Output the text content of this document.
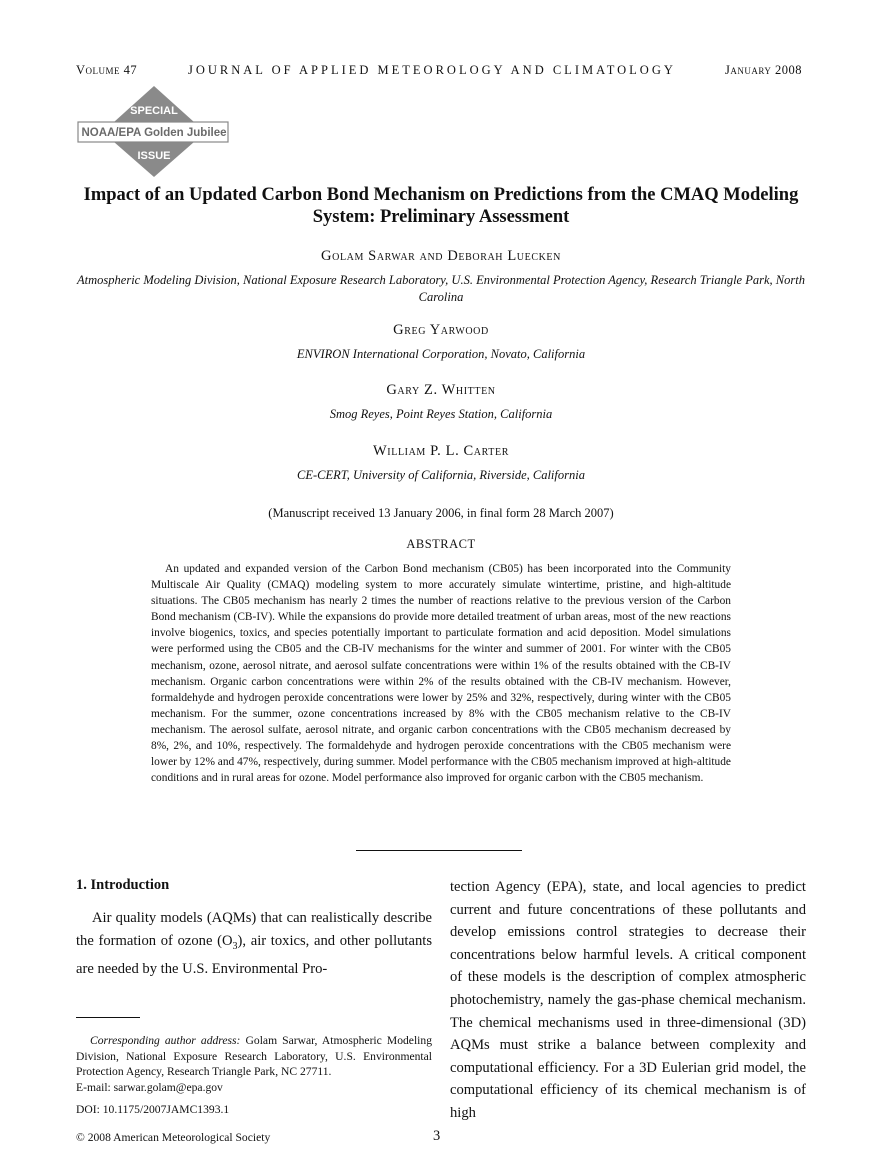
Volume 47	JOURNAL OF APPLIED METEOROLOGY AND CLIMATOLOGY	January 2008
SPECIAL
NOAA/EPA Golden Jubilee
ISSUE
Impact of an Updated Carbon Bond Mechanism on Predictions from the CMAQ Modeling System: Preliminary Assessment
Golam Sarwar and Deborah Luecken
Atmospheric Modeling Division, National Exposure Research Laboratory, U.S. Environmental Protection Agency, Research Triangle Park, North Carolina
Greg Yarwood
ENVIRON International Corporation, Novato, California
Gary Z. Whitten
Smog Reyes, Point Reyes Station, California
William P. L. Carter
CE-CERT, University of California, Riverside, California
(Manuscript received 13 January 2006, in final form 28 March 2007)
ABSTRACT
An updated and expanded version of the Carbon Bond mechanism (CB05) has been incorporated into the Community Multiscale Air Quality (CMAQ) modeling system to more accurately simulate wintertime, pristine, and high-altitude situations. The CB05 mechanism has nearly 2 times the number of reactions relative to the previous version of the Carbon Bond mechanism (CB-IV). While the expansions do provide more detailed treatment of urban areas, most of the new reactions involve biogenics, toxics, and species potentially important to particulate formation and acid deposition. Model simulations were performed using the CB05 and the CB-IV mechanisms for the winter and summer of 2001. For winter with the CB05 mechanism, ozone, aerosol nitrate, and aerosol sulfate concentrations were within 1% of the results obtained with the CB-IV mechanism. Organic carbon concentrations were within 2% of the results obtained with the CB-IV mechanism. However, formaldehyde and hydrogen peroxide concentrations were lower by 25% and 32%, respectively, during winter with the CB05 mechanism. For the summer, ozone concentrations increased by 8% with the CB05 mechanism relative to the CB-IV mechanism. The aerosol sulfate, aerosol nitrate, and organic carbon concentrations with the CB05 mechanism decreased by 8%, 2%, and 10%, respectively. The formaldehyde and hydrogen peroxide concentrations with the CB05 mechanism were lower by 12% and 47%, respectively, during summer. Model performance with the CB05 mechanism improved at high-altitude conditions and in rural areas for ozone. Model performance also improved for organic carbon with the CB05 mechanism.
1. Introduction
Air quality models (AQMs) that can realistically describe the formation of ozone $(O_3)$, air toxics, and other pollutants are needed by the U.S. Environmental Pro-
Corresponding author address: Golam Sarwar, Atmospheric Modeling Division, National Exposure Research Laboratory, U.S. Environmental Protection Agency, Research Triangle Park, NC 27711.
E-mail: sarwar.golam@epa.gov
DOI: 10.1175/2007JAMC1393.1
© 2008 American Meteorological Society	3
tection Agency (EPA), state, and local agencies to predict current and future concentrations of these pollutants and develop emissions control strategies to decrease their concentrations below harmful levels. A critical component of these models is the description of complex atmospheric photochemistry, namely the gas-phase chemical mechanism. The chemical mechanisms used in three-dimensional (3D) AQMs must strike a balance between complexity and computational efficiency. For a 3D Eulerian grid model, the computational efficiency of its chemical mechanism is of high
